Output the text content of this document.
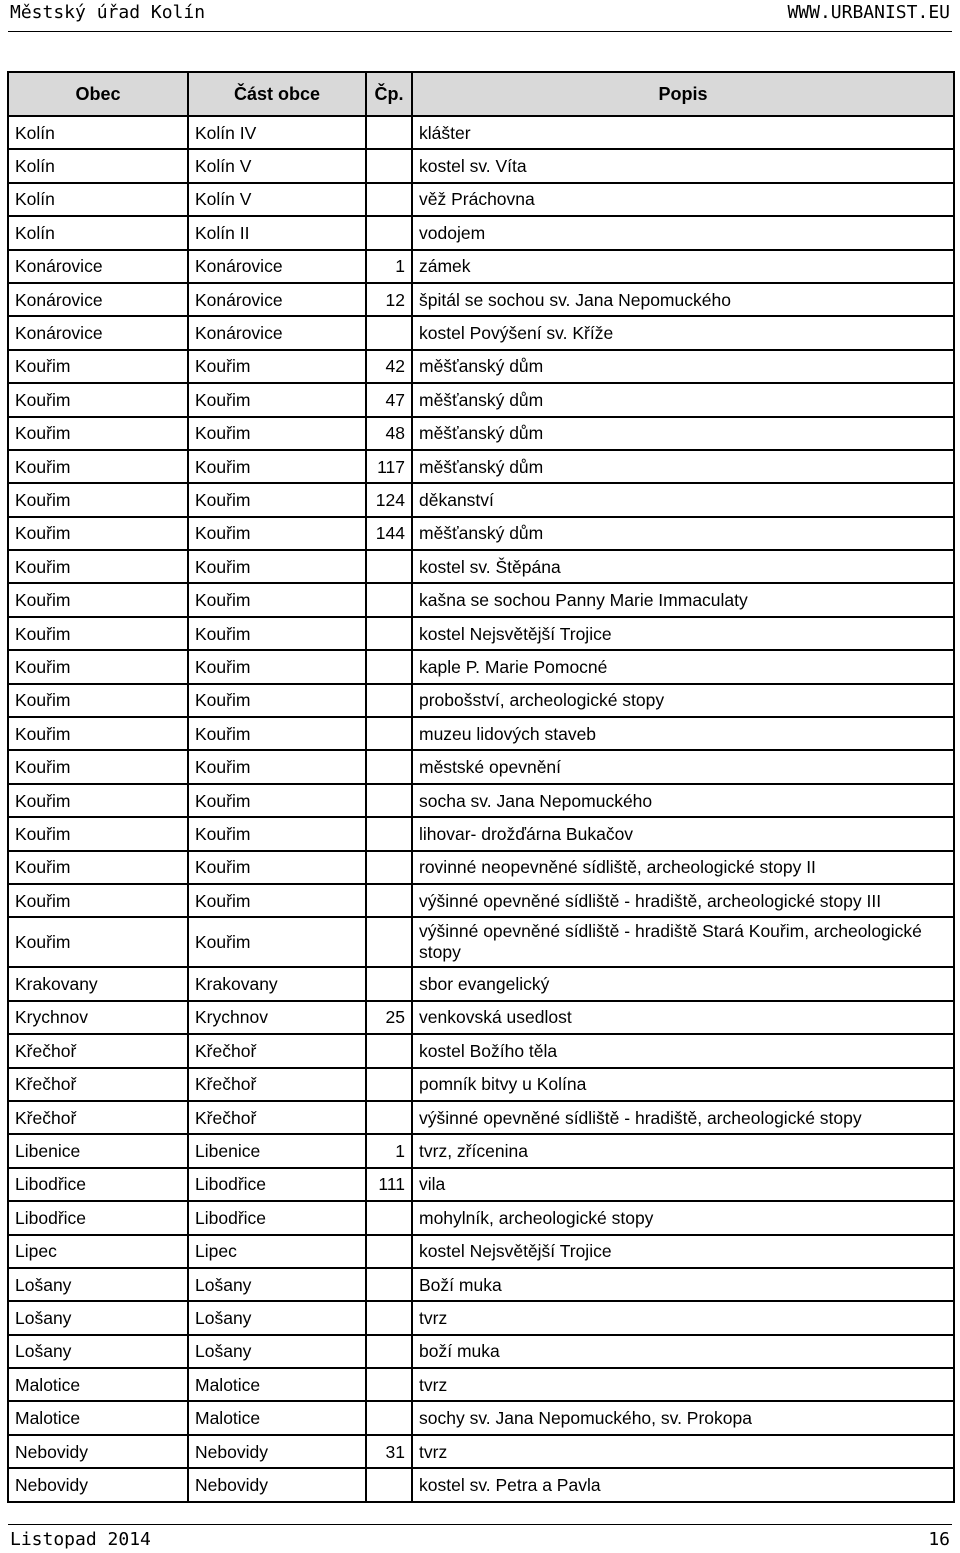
Městský úřad Kolín	WWW.URBANIST.EU
Obec	Část obce	Čp.	Popis
Kolín	Kolín IV		klášter
Kolín	Kolín V		kostel sv. Víta
Kolín	Kolín V		věž Práchovna
Kolín	Kolín II		vodojem
Konárovice	Konárovice	1	zámek
Konárovice	Konárovice	12	špitál se sochou sv. Jana Nepomuckého
Konárovice	Konárovice		kostel Povýšení sv. Kříže
Kouřim	Kouřim	42	měšťanský dům
Kouřim	Kouřim	47	měšťanský dům
Kouřim	Kouřim	48	měšťanský dům
Kouřim	Kouřim	117	měšťanský dům
Kouřim	Kouřim	124	děkanství
Kouřim	Kouřim	144	měšťanský dům
Kouřim	Kouřim		kostel sv. Štěpána
Kouřim	Kouřim		kašna se sochou Panny Marie Immaculaty
Kouřim	Kouřim		kostel Nejsvětější Trojice
Kouřim	Kouřim		kaple P. Marie Pomocné
Kouřim	Kouřim		probošství, archeologické stopy
Kouřim	Kouřim		muzeu lidových staveb
Kouřim	Kouřim		městské opevnění
Kouřim	Kouřim		socha sv. Jana Nepomuckého
Kouřim	Kouřim		lihovar- drožďárna Bukačov
Kouřim	Kouřim		rovinné neopevněné sídliště, archeologické stopy II
Kouřim	Kouřim		výšinné opevněné sídliště - hradiště, archeologické stopy III
Kouřim	Kouřim		výšinné opevněné sídliště - hradiště Stará Kouřim, archeologické stopy
Krakovany	Krakovany		sbor evangelický
Krychnov	Krychnov	25	venkovská usedlost
Křečhoř	Křečhoř		kostel Božího těla
Křečhoř	Křečhoř		pomník bitvy u Kolína
Křečhoř	Křečhoř		výšinné opevněné sídliště - hradiště, archeologické stopy
Libenice	Libenice	1	tvrz, zřícenina
Libodřice	Libodřice	111	vila
Libodřice	Libodřice		mohylník, archeologické stopy
Lipec	Lipec		kostel Nejsvětější Trojice
Lošany	Lošany		Boží muka
Lošany	Lošany		tvrz
Lošany	Lošany		boží muka
Malotice	Malotice		tvrz
Malotice	Malotice		sochy sv. Jana Nepomuckého, sv. Prokopa
Nebovidy	Nebovidy	31	tvrz
Nebovidy	Nebovidy		kostel sv. Petra a Pavla
Listopad 2014	16
